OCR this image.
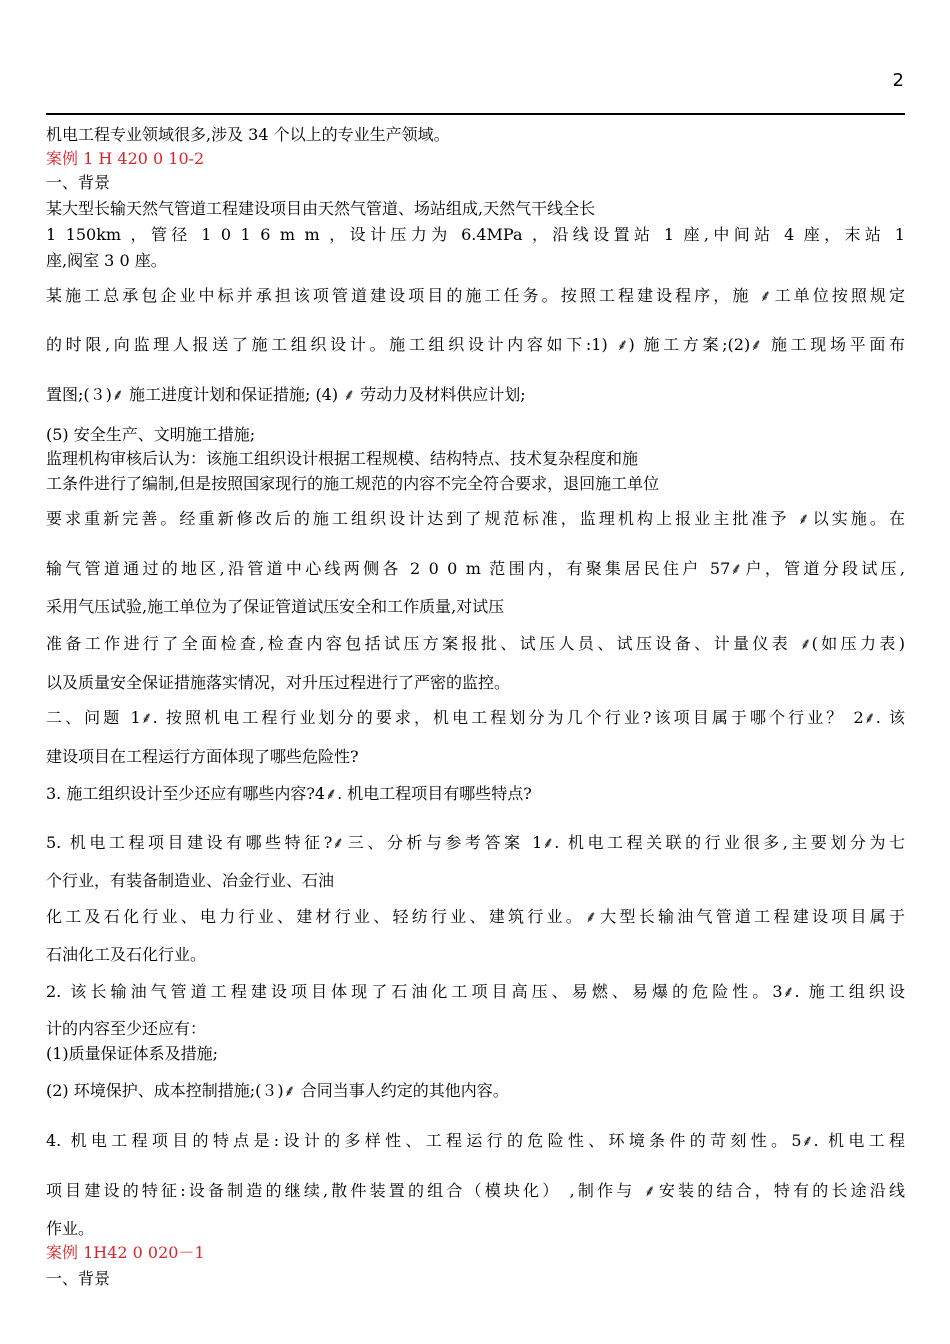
2
机电工程专业领域很多,涉及 34 个以上的专业生产领域。
案例 1 H 420 0 10-2
一、背景
某大型长输天然气管道工程建设项目由天然气管道、场站组成,天然气干线全长
1 150km ，管径 1 0 1 6 m m ，设计压力为 6.4MPa ，沿线设置站 1 座,中间站 4 座，末站 1
座,阀室 3 0 座。
某施工总承包企业中标并承担该项管道建设项目的施工任务。按照工程建设程序，施 ⸙工单位按照规定
的时限,向监理人报送了施工组织设计。施工组织设计内容如下:1) ⸙) 施工方案;(2)⸙ 施工现场平面布
置图;(３)⸙ 施工进度计划和保证措施; (4) ⸙ 劳动力及材料供应计划;
(5) 安全生产、文明施工措施;
监理机构审核后认为：该施工组织设计根据工程规模、结构特点、技术复杂程度和施
工条件进行了编制,但是按照国家现行的施工规范的内容不完全符合要求，退回施工单位
要求重新完善。经重新修改后的施工组织设计达到了规范标准，监理机构上报业主批准予 ⸙以实施。在
输气管道通过的地区,沿管道中心线两侧各 2 0 0 m 范围内，有聚集居民住户 57⸙户，管道分段试压,
采用气压试验,施工单位为了保证管道试压安全和工作质量,对试压
准备工作进行了全面检查,检查内容包括试压方案报批、试压人员、试压设备、计量仪表 ⸙(如压力表)
以及质量安全保证措施落实情况，对升压过程进行了严密的监控。
二、问题 1⸙. 按照机电工程行业划分的要求，机电工程划分为几个行业?该项目属于哪个行业？ 2⸙. 该
建设项目在工程运行方面体现了哪些危险性?
3. 施工组织设计至少还应有哪些内容?4⸙. 机电工程项目有哪些特点?
5. 机电工程项目建设有哪些特征?⸙三、分析与参考答案 1⸙. 机电工程关联的行业很多,主要划分为七
个行业，有装备制造业、冶金行业、石油
化工及石化行业、电力行业、建材行业、轻纺行业、建筑行业。⸙大型长输油气管道工程建设项目属于
石油化工及石化行业。
2. 该长输油气管道工程建设项目体现了石油化工项目高压、易燃、易爆的危险性。3⸙. 施工组织设
计的内容至少还应有：
(1)质量保证体系及措施;
(2) 环境保护、成本控制措施;(３)⸙ 合同当事人约定的其他内容。
4. 机电工程项目的特点是:设计的多样性、工程运行的危险性、环境条件的苛刻性。5⸙. 机电工程
项目建设的特征:设备制造的继续,散件装置的组合（模块化） ,制作与 ⸙安装的结合，特有的长途沿线
作业。
案例 1H42 0 020－1
一、背景
